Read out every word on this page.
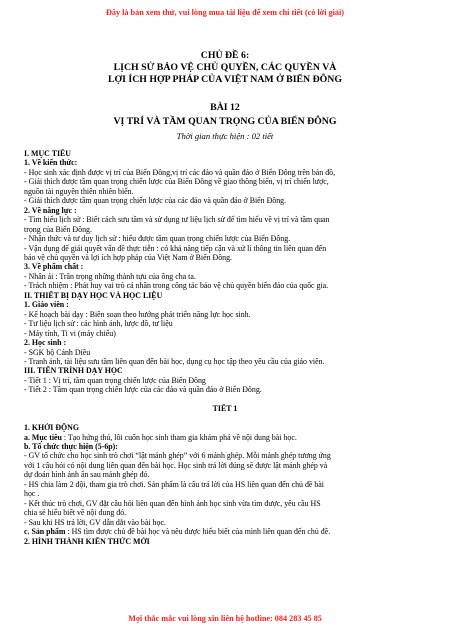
Đây là bản xem thử, vui lòng mua tài liệu để xem chi tiết (có lời giải)
CHỦ ĐỀ 6:
LỊCH SỬ BẢO VỆ CHỦ QUYỀN, CÁC QUYỀN VÀ
LỢI ÍCH HỢP PHÁP CỦA VIỆT NAM Ở BIỂN ĐÔNG
BÀI 12
VỊ TRÍ VÀ TẦM QUAN TRỌNG CỦA BIỂN ĐÔNG
Thời gian thực hiện : 02 tiết
I. MỤC TIÊU
1. Về kiến thức:
- Học sinh xác định được vị trí của Biển Đông,vị trí các đảo và quần đảo ở Biển Đông trên bản đồ,
- Giải thích được tầm quan trọng chiến lược của Biển Đông về giao thông biển, vị trí chiến lược,
nguồn tài nguyên thiên nhiên biển.
- Giải thích được tầm quan trọng chiến lược của các đảo và quần đảo ở Biển Đông.
2. Về năng lực :
- Tìm hiểu lịch sử : Biết cách sưu tầm và sử dụng tư liệu lịch sử để tìm hiểu về vị trí và tầm quan
trọng của Biển Đông.
- Nhận thức và tư duy lịch sử : hiểu được tầm quan trọng chiến lược của Biển Đông.
- Vận dụng để giải quyết vấn đề thực tiễn : có khả năng tiếp cận và xử lí thông tin liên quan đến
bảo vệ chủ quyền và lợi ích hợp pháp của Việt Nam ở Biển Đông.
3. Về phẩm chất :
- Nhân ái : Trân trọng những thành tựu của ông cha ta.
- Trách nhiệm : Phát huy vai trò cá nhân trong công tác bảo vệ chủ quyền biển đảo của quốc gia.
II. THIẾT BỊ DẠY HỌC VÀ HỌC LIỆU
1. Giáo viên :
- Kế hoạch bài dạy : Biên soạn theo hướng phát triển năng lực học sinh.
- Tư liệu lịch sử : các hình ảnh, lược đồ, tư liệu
- Máy tính, Ti vi (máy chiếu)
2. Học sinh :
- SGK bộ Cánh Diều
- Tranh ảnh, tài liệu sưu tầm liên quan đến bài học, dụng cụ học tập theo yêu cầu của giáo viên.
III. TIẾN TRÌNH DẠY HỌC
- Tiết 1 : Vị trí, tầm quan trọng chiến lược của Biển Đông
- Tiết 2 : Tầm quan trọng chiến lược của các đảo và quần đảo ở Biển Đông.
TIẾT 1
1. KHỞI ĐỘNG
a. Mục tiêu : Tạo hứng thú, lôi cuốn học sinh tham gia khám phá về nội dung bài học.
b. Tổ chức thực hiện (5-6p):
- GV tổ chức cho học sinh trò chơi “lật mảnh ghép” với 6 mảnh ghép. Mỗi mảnh ghép tương ứng
với 1 câu hỏi có nội dung liên quan đến bài học. Học sinh trả lời đúng sẽ được lật mảnh ghép và
dự đoán hình ảnh ẩn sau mảnh ghép đó.
- HS chia làm 2 đội, tham gia trò chơi. Sản phẩm là câu trả lời của HS liên quan đến chủ đề bài
học .
- Kết thúc trò chơi, GV đặt câu hỏi liên quan đến hình ảnh học sinh vừa tìm được, yêu cầu HS
chia sẻ hiểu biết về nội dung đó.
- Sau khi HS trả lời, GV dẫn dắt vào bài học.
c. Sản phẩm : HS tìm được chủ đề bài học và nêu được hiểu biết của mình liên quan đến chủ đề.
2. HÌNH THÀNH KIẾN THỨC MỚI
Mọi thắc mắc vui lòng xin liên hệ hotline: 084 283 45 85
